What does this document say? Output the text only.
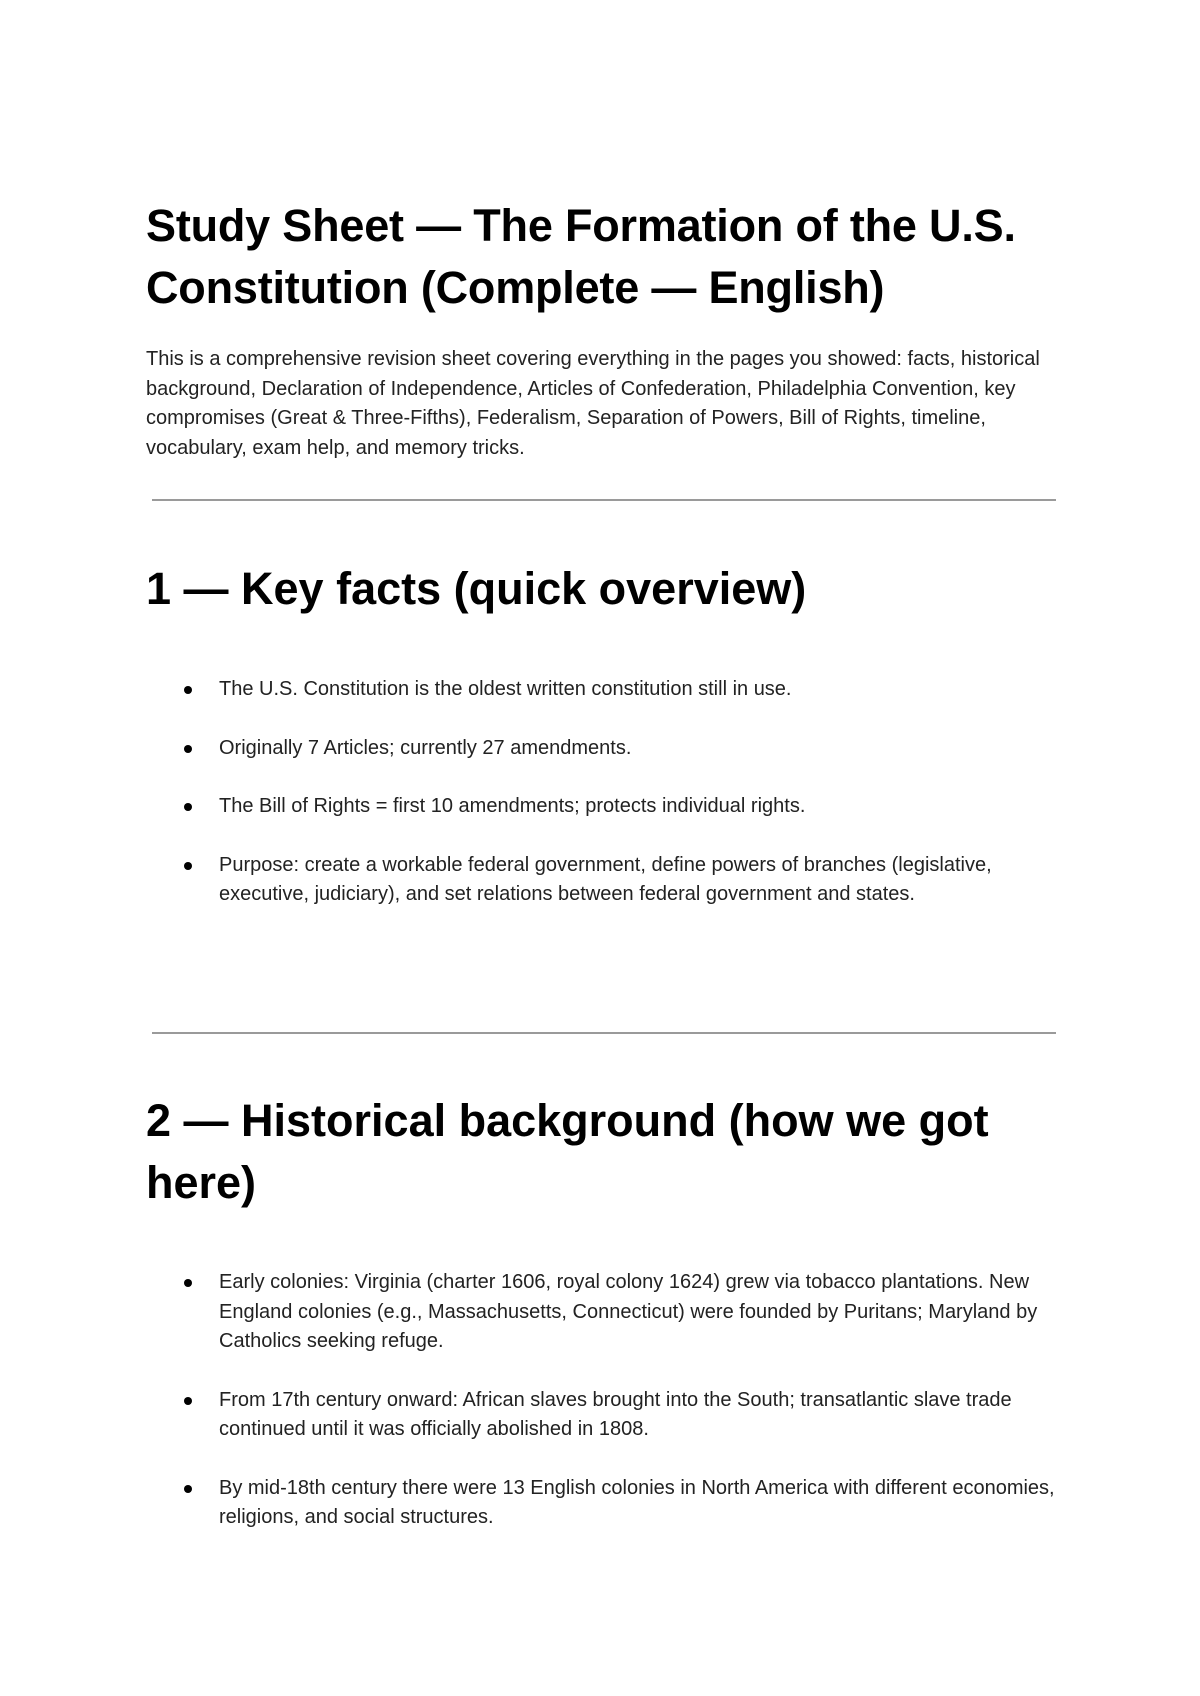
Study Sheet — The Formation of the U.S. Constitution (Complete — English)

This is a comprehensive revision sheet covering everything in the pages you showed: facts, historical background, Declaration of Independence, Articles of Confederation, Philadelphia Convention, key compromises (Great & Three-Fifths), Federalism, Separation of Powers, Bill of Rights, timeline, vocabulary, exam help, and memory tricks.

1 — Key facts (quick overview)
The U.S. Constitution is the oldest written constitution still in use.
Originally 7 Articles; currently 27 amendments.
The Bill of Rights = first 10 amendments; protects individual rights.
Purpose: create a workable federal government, define powers of branches (legislative, executive, judiciary), and set relations between federal government and states.
2 — Historical background (how we got here)
Early colonies: Virginia (charter 1606, royal colony 1624) grew via tobacco plantations. New England colonies (e.g., Massachusetts, Connecticut) were founded by Puritans; Maryland by Catholics seeking refuge.
From 17th century onward: African slaves brought into the South; transatlantic slave trade continued until it was officially abolished in 1808.
By mid-18th century there were 13 English colonies in North America with different economies, religions, and social structures.
